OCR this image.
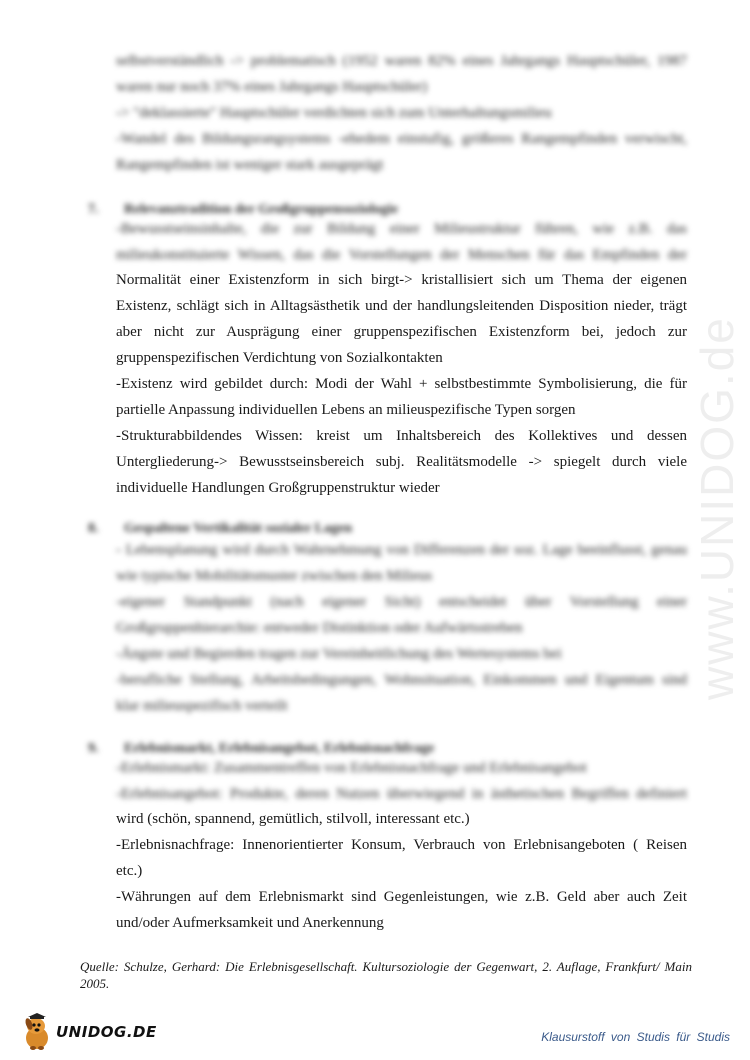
www.UNIDOG.de
selbstverständlich -> problematisch (1952 waren 82% eines Jahrgangs Hauptschüler, 1987
waren nur noch 37% eines Jahrgangs Hauptschüler)
-> "deklassierte" Hauptschüler verdichten sich zum Unterhaltungsmilieu
-Wandel des Bildungsrangsystems -ehedem einstufig, größeres Rangempfinden verwischt,
Rangempfinden ist weniger stark ausgeprägt
7. Relevanztradition der Großgruppensoziologie
-Bewusstseinsinhalte, die zur Bildung einer Milieustruktur führen, wie z.B. das
milieukonstituierte Wissen, das die Vorstellungen der Menschen für das Empfinden der
Normalität einer Existenzform in sich birgt-> kristallisiert sich um Thema der eigenen
Existenz, schlägt sich in Alltagsästhetik und der handlungsleitenden Disposition nieder, trägt
aber nicht zur Ausprägung einer gruppenspezifischen Existenzform bei, jedoch zur
gruppenspezifischen Verdichtung von Sozialkontakten
-Existenz wird gebildet durch: Modi der Wahl + selbstbestimmte Symbolisierung, die für
partielle Anpassung individuellen Lebens an milieuspezifische Typen sorgen
-Strukturabbildendes Wissen: kreist um Inhaltsbereich des Kollektives und dessen
Untergliederung-> Bewusstseinsbereich subj. Realitätsmodelle -> spiegelt durch viele
individuelle Handlungen Großgruppenstruktur wieder
8. Gespaltene Vertikalität sozialer Lagen
- Lebensplanung wird durch Wahrnehmung von Differenzen der soz. Lage beeinflusst, genau
wie typische Mobilitätsmuster zwischen den Milieus
-eigener Standpunkt (nach eigener Sicht) entscheidet über Vorstellung einer
Großgruppenhierarchie: entweder Distinktion oder Aufwärtsstreben
-Ängste und Begierden tragen zur Vereinheitlichung des Wertesystems bei
-berufliche Stellung, Arbeitsbedingungen, Wohnsituation, Einkommen und Eigentum sind
klar milieuspezifisch verteilt
9. Erlebnismarkt, Erlebnisangebot, Erlebnisnachfrage
-Erlebnismarkt: Zusammentreffen von Erlebnisnachfrage und Erlebnisangebot
-Erlebnisangebot: Produkte, deren Nutzen überwiegend in ästhetischen Begriffen definiert
wird (schön, spannend, gemütlich, stilvoll, interessant etc.)
-Erlebnisnachfrage: Innenorientierter Konsum, Verbrauch von Erlebnisangeboten ( Reisen
etc.)
-Währungen auf dem Erlebnismarkt sind Gegenleistungen, wie z.B. Geld aber auch Zeit
und/oder Aufmerksamkeit und Anerkennung
Quelle: Schulze, Gerhard: Die Erlebnisgesellschaft. Kultursoziologie der Gegenwart, 2. Auflage, Frankfurt/ Main 2005.
UNIDOG.DE	Klausurstoff von Studis für Studis
